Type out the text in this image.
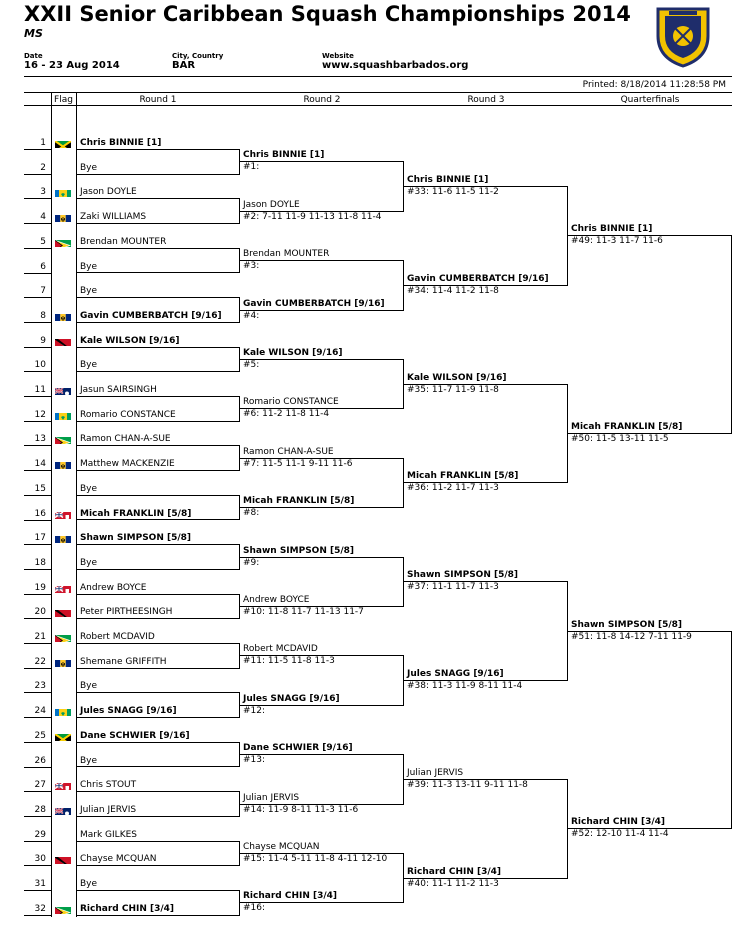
XXII Senior Caribbean Squash Championships 2014
MS
Date
16 - 23 Aug 2014
City, Country
BAR
Website
www.squashbarbados.org
Printed: 8/18/2014 11:28:58 PM
Flag	Round 1	Round 2	Round 3	Quarterfinals
1	Chris BINNIE [1]
2	Bye
3	Jason DOYLE
4	Zaki WILLIAMS
5	Brendan MOUNTER
6	Bye
7	Bye
8	Gavin CUMBERBATCH [9/16]
9	Kale WILSON [9/16]
10	Bye
11	Jasun SAIRSINGH
12	Romario CONSTANCE
13	Ramon CHAN-A-SUE
14	Matthew MACKENZIE
15	Bye
16	Micah FRANKLIN [5/8]
17	Shawn SIMPSON [5/8]
18	Bye
19	Andrew BOYCE
20	Peter PIRTHEESINGH
21	Robert MCDAVID
22	Shemane GRIFFITH
23	Bye
24	Jules SNAGG [9/16]
25	Dane SCHWIER [9/16]
26	Bye
27	Chris STOUT
28	Julian JERVIS
29	Mark GILKES
30	Chayse MCQUAN
31	Bye
32	Richard CHIN [3/4]
Chris BINNIE [1]
#1:
Jason DOYLE
#2: 7-11 11-9 11-13 11-8 11-4
Brendan MOUNTER
#3:
Gavin CUMBERBATCH [9/16]
#4:
Kale WILSON [9/16]
#5:
Romario CONSTANCE
#6: 11-2 11-8 11-4
Ramon CHAN-A-SUE
#7: 11-5 11-1 9-11 11-6
Micah FRANKLIN [5/8]
#8:
Shawn SIMPSON [5/8]
#9:
Andrew BOYCE
#10: 11-8 11-7 11-13 11-7
Robert MCDAVID
#11: 11-5 11-8 11-3
Jules SNAGG [9/16]
#12:
Dane SCHWIER [9/16]
#13:
Julian JERVIS
#14: 11-9 8-11 11-3 11-6
Chayse MCQUAN
#15: 11-4 5-11 11-8 4-11 12-10
Richard CHIN [3/4]
#16:
Chris BINNIE [1]
#33: 11-6 11-5 11-2
Gavin CUMBERBATCH [9/16]
#34: 11-4 11-2 11-8
Kale WILSON [9/16]
#35: 11-7 11-9 11-8
Micah FRANKLIN [5/8]
#36: 11-2 11-7 11-3
Shawn SIMPSON [5/8]
#37: 11-1 11-7 11-3
Jules SNAGG [9/16]
#38: 11-3 11-9 8-11 11-4
Julian JERVIS
#39: 11-3 13-11 9-11 11-8
Richard CHIN [3/4]
#40: 11-1 11-2 11-3
Chris BINNIE [1]
#49: 11-3 11-7 11-6
Micah FRANKLIN [5/8]
#50: 11-5 13-11 11-5
Shawn SIMPSON [5/8]
#51: 11-8 14-12 7-11 11-9
Richard CHIN [3/4]
#52: 12-10 11-4 11-4
